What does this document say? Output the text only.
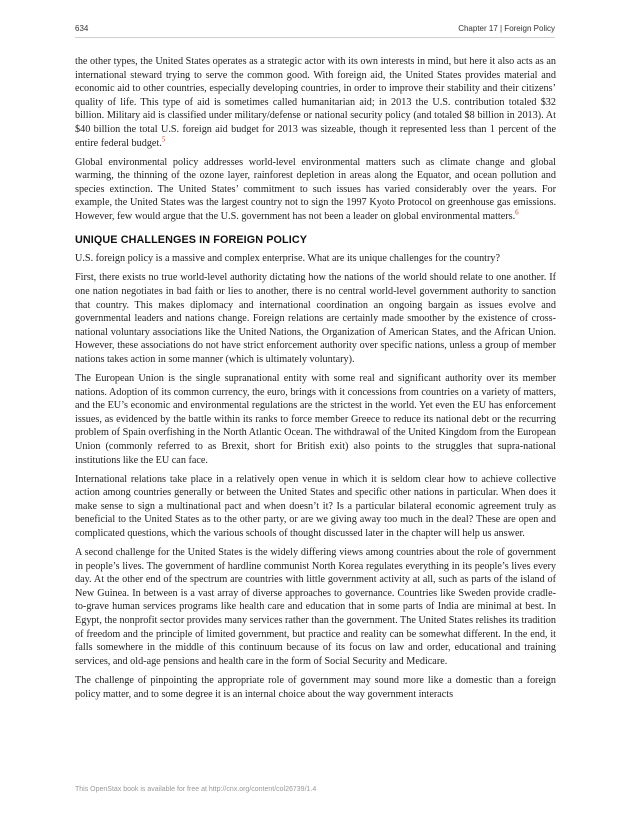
634	Chapter 17 | Foreign Policy

the other types, the United States operates as a strategic actor with its own interests in mind, but here it also acts as an international steward trying to serve the common good. With foreign aid, the United States provides material and economic aid to other countries, especially developing countries, in order to improve their stability and their citizens’ quality of life. This type of aid is sometimes called humanitarian aid; in 2013 the U.S. contribution totaled $32 billion. Military aid is classified under military/defense or national security policy (and totaled $8 billion in 2013). At $40 billion the total U.S. foreign aid budget for 2013 was sizeable, though it represented less than 1 percent of the entire federal budget.$^5$

Global environmental policy addresses world-level environmental matters such as climate change and global warming, the thinning of the ozone layer, rainforest depletion in areas along the Equator, and ocean pollution and species extinction. The United States’ commitment to such issues has varied considerably over the years. For example, the United States was the largest country not to sign the 1997 Kyoto Protocol on greenhouse gas emissions. However, few would argue that the U.S. government has not been a leader on global environmental matters.$^6$

UNIQUE CHALLENGES IN FOREIGN POLICY

U.S. foreign policy is a massive and complex enterprise. What are its unique challenges for the country?

First, there exists no true world-level authority dictating how the nations of the world should relate to one another. If one nation negotiates in bad faith or lies to another, there is no central world-level government authority to sanction that country. This makes diplomacy and international coordination an ongoing bargain as issues evolve and governmental leaders and nations change. Foreign relations are certainly made smoother by the existence of cross-national voluntary associations like the United Nations, the Organization of American States, and the African Union. However, these associations do not have strict enforcement authority over specific nations, unless a group of member nations takes action in some manner (which is ultimately voluntary).

The European Union is the single supranational entity with some real and significant authority over its member nations. Adoption of its common currency, the euro, brings with it concessions from countries on a variety of matters, and the EU’s economic and environmental regulations are the strictest in the world. Yet even the EU has enforcement issues, as evidenced by the battle within its ranks to force member Greece to reduce its national debt or the recurring problem of Spain overfishing in the North Atlantic Ocean. The withdrawal of the United Kingdom from the European Union (commonly referred to as Brexit, short for British exit) also points to the struggles that supra-national institutions like the EU can face.

International relations take place in a relatively open venue in which it is seldom clear how to achieve collective action among countries generally or between the United States and specific other nations in particular. When does it make sense to sign a multinational pact and when doesn’t it? Is a particular bilateral economic agreement truly as beneficial to the United States as to the other party, or are we giving away too much in the deal? These are open and complicated questions, which the various schools of thought discussed later in the chapter will help us answer.

A second challenge for the United States is the widely differing views among countries about the role of government in people’s lives. The government of hardline communist North Korea regulates everything in its people’s lives every day. At the other end of the spectrum are countries with little government activity at all, such as parts of the island of New Guinea. In between is a vast array of diverse approaches to governance. Countries like Sweden provide cradle-to-grave human services programs like health care and education that in some parts of India are minimal at best. In Egypt, the nonprofit sector provides many services rather than the government. The United States relishes its tradition of freedom and the principle of limited government, but practice and reality can be somewhat different. In the end, it falls somewhere in the middle of this continuum because of its focus on law and order, educational and training services, and old-age pensions and health care in the form of Social Security and Medicare.

The challenge of pinpointing the appropriate role of government may sound more like a domestic than a foreign policy matter, and to some degree it is an internal choice about the way government interacts

This OpenStax book is available for free at http://cnx.org/content/col26739/1.4
